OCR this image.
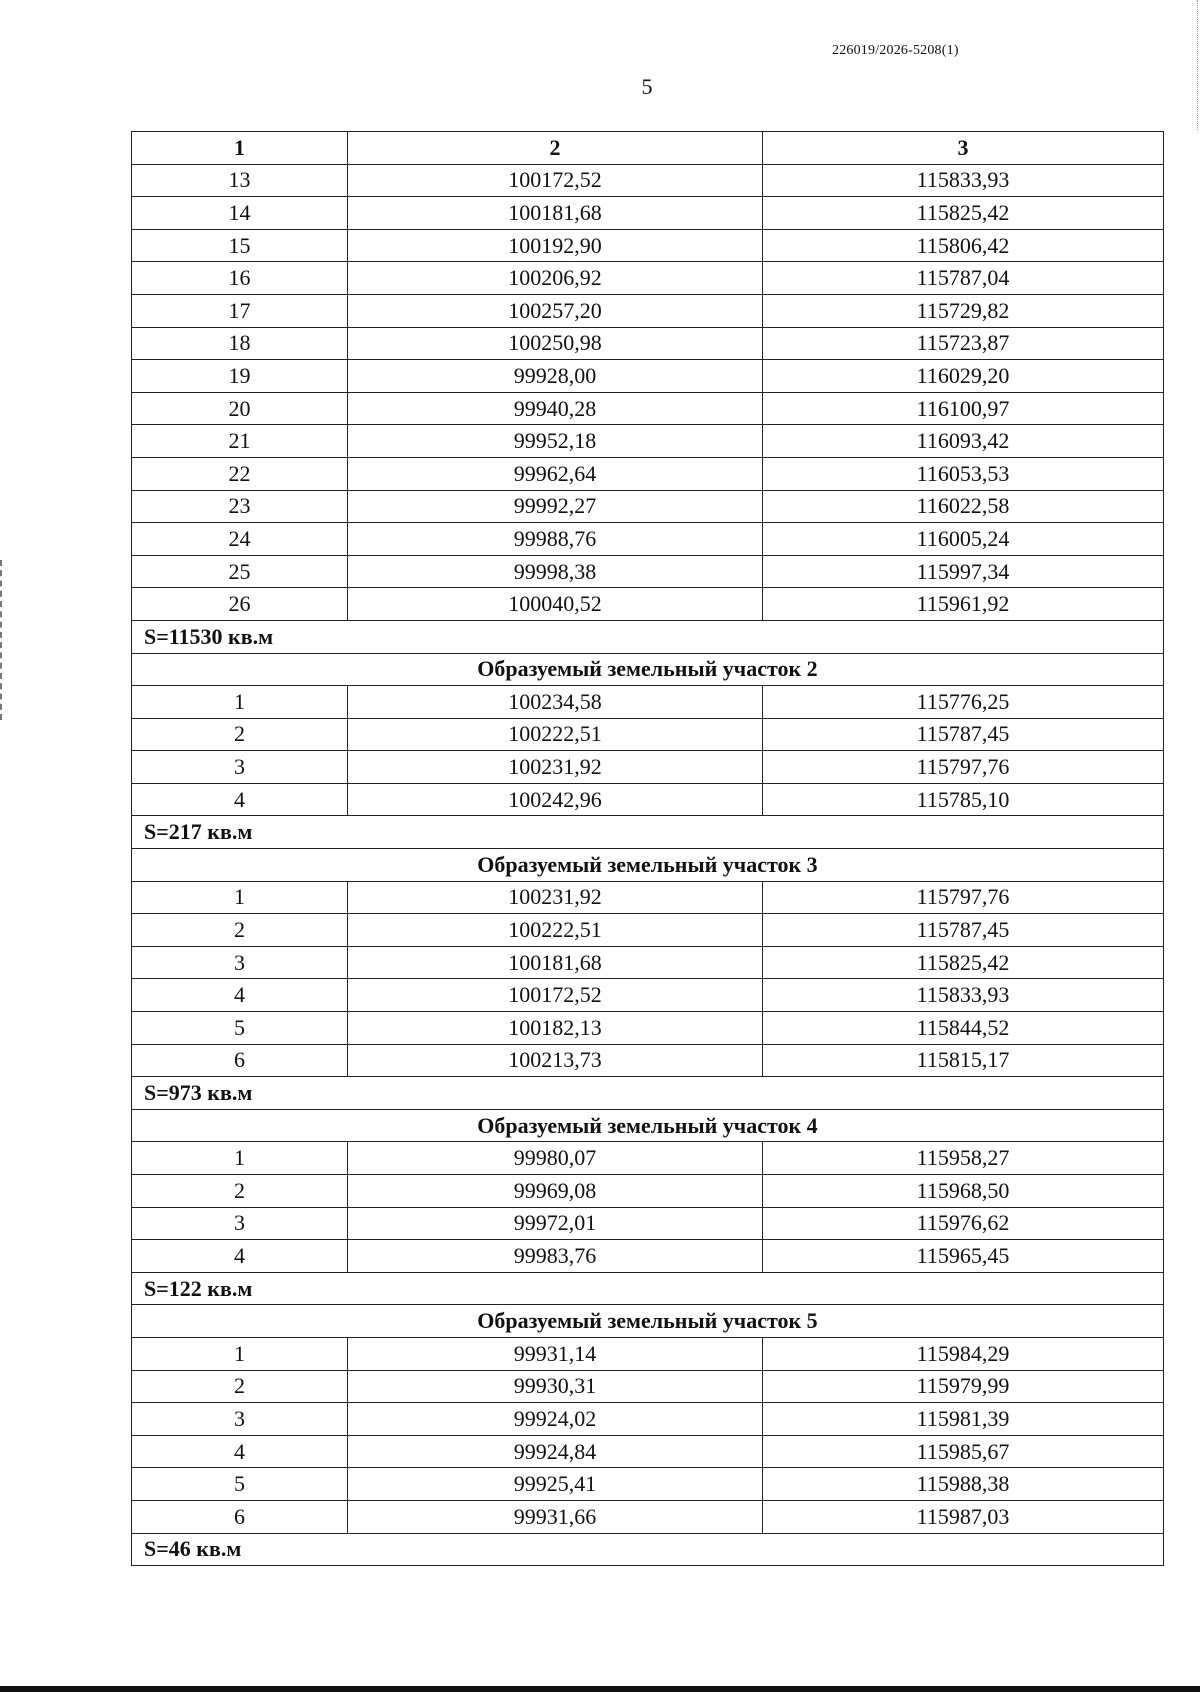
226019/2026-5208(1)
5
1	2	3
13	100172,52	115833,93
14	100181,68	115825,42
15	100192,90	115806,42
16	100206,92	115787,04
17	100257,20	115729,82
18	100250,98	115723,87
19	99928,00	116029,20
20	99940,28	116100,97
21	99952,18	116093,42
22	99962,64	116053,53
23	99992,27	116022,58
24	99988,76	116005,24
25	99998,38	115997,34
26	100040,52	115961,92
S=11530 кв.м		
Образуемый земельный участок 2		
1	100234,58	115776,25
2	100222,51	115787,45
3	100231,92	115797,76
4	100242,96	115785,10
S=217 кв.м		
Образуемый земельный участок 3		
1	100231,92	115797,76
2	100222,51	115787,45
3	100181,68	115825,42
4	100172,52	115833,93
5	100182,13	115844,52
6	100213,73	115815,17
S=973 кв.м		
Образуемый земельный участок 4		
1	99980,07	115958,27
2	99969,08	115968,50
3	99972,01	115976,62
4	99983,76	115965,45
S=122 кв.м		
Образуемый земельный участок 5		
1	99931,14	115984,29
2	99930,31	115979,99
3	99924,02	115981,39
4	99924,84	115985,67
5	99925,41	115988,38
6	99931,66	115987,03
S=46 кв.м		
